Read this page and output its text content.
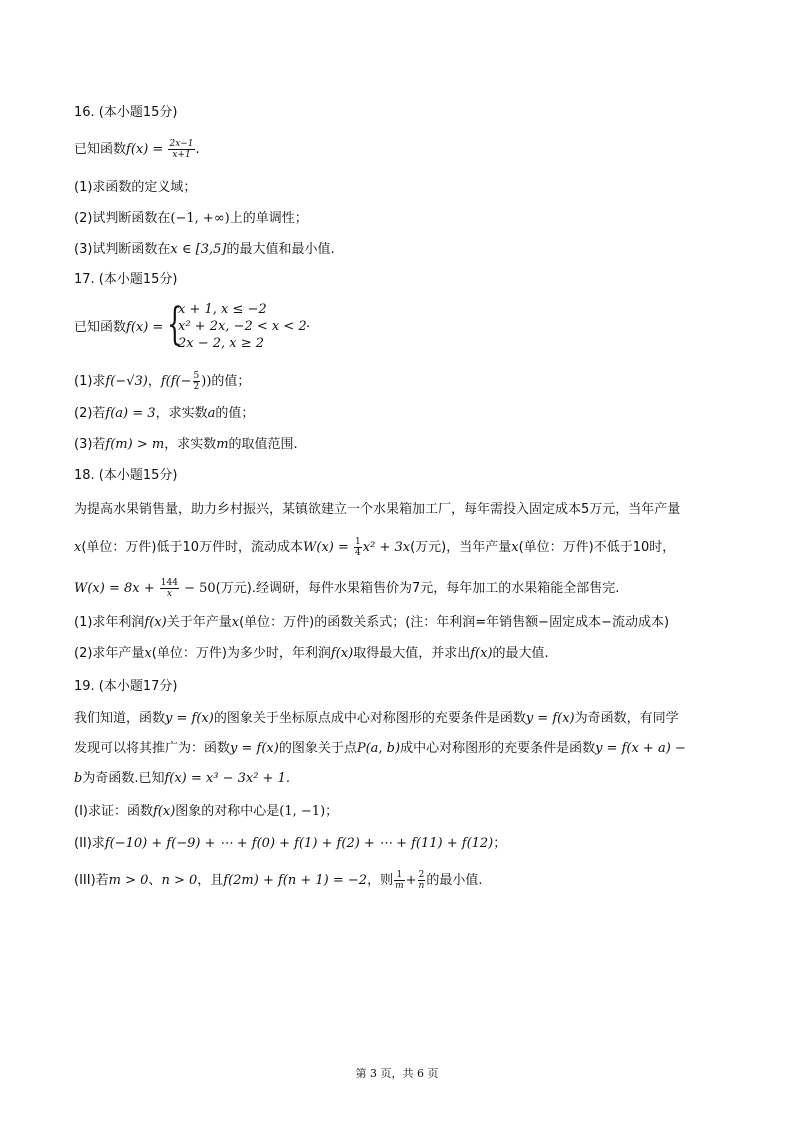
16. (本小题15分)
已知函数$f(x) = \frac{2x-1}{x+1}$ .
(1)求函数的定义域；
(2)试判断函数在(−1, +∞)上的单调性；
(3)试判断函数在x ∈ [3,5]的最大值和最小值.
17. (本小题15分)
已知函数f(x) = {
x + 1, x ≤ −2
x² + 2x, −2 < x < 2
2x − 2, x ≥ 2
.
(1)求f(−√3)，$f(f(- \frac{5}{2}$ ))的值；
(2)若f(a) = 3，求实数a的值；
(3)若f(m) > m，求实数m的取值范围.
18. (本小题15分)
为提高水果销售量，助力乡村振兴，某镇欲建立一个水果箱加工厂，每年需投入固定成本5万元，当年产量
x(单位：万件)低于10万件时，流动成本$W(x) = \frac{1}{4} x^2 + 3x$(万元)，当年产量x(单位：万件)不低于10时，
$W(x) = 8x + \frac{144}{x} - 50$(万元).经调研，每件水果箱售价为7元，每年加工的水果箱能全部售完.
(1)求年利润f(x)关于年产量x(单位：万件)的函数关系式；(注：年利润=年销售额−固定成本−流动成本)
(2)求年产量x(单位：万件)为多少时，年利润f(x)取得最大值，并求出f(x)的最大值.
19. (本小题17分)
我们知道，函数y = f(x)的图象关于坐标原点成中心对称图形的充要条件是函数y = f(x)为奇函数，有同学
发现可以将其推广为：函数y = f(x)的图象关于点P(a, b)成中心对称图形的充要条件是函数y = f(x + a) −
b为奇函数.已知f(x) = x³ − 3x² + 1.
(I)求证：函数f(x)图象的对称中心是(1, −1)；
(II)求f(−10) + f(−9) + ⋯ + f(0) + f(1) + f(2) + ⋯ + f(11) + f(12)；
(III)若m > 0、n > 0，且f(2m) + f(n + 1) = −2，则 $\frac{1}{m} + \frac{2}{n}$ 的最小值.
第 3 页，共 6 页
